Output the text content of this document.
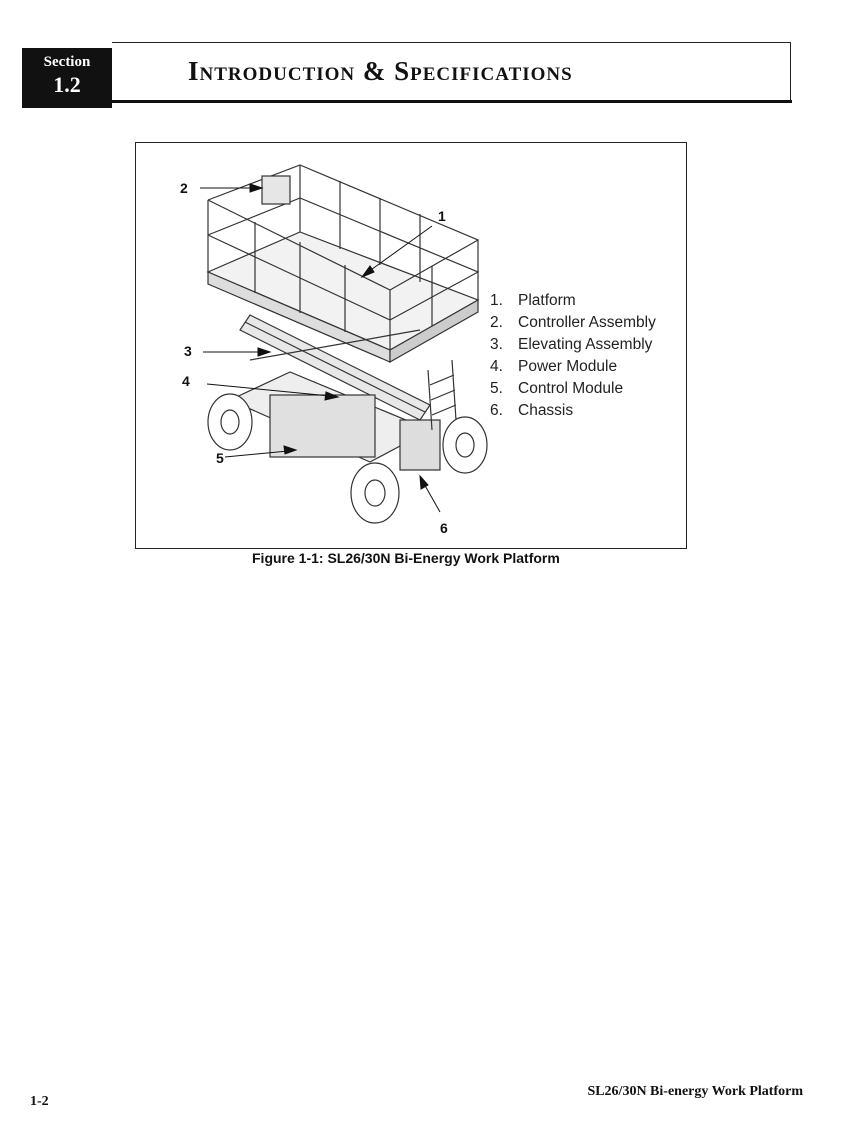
Section
1.2	Introduction & Specifications
2
1
3
4
5
6
1. Platform
2. Controller Assembly
3. Elevating Assembly
4. Power Module
5. Control Module
6. Chassis
Figure 1-1: SL26/30N Bi-Energy Work Platform
1-2
SL26/30N Bi-energy Work Platform
